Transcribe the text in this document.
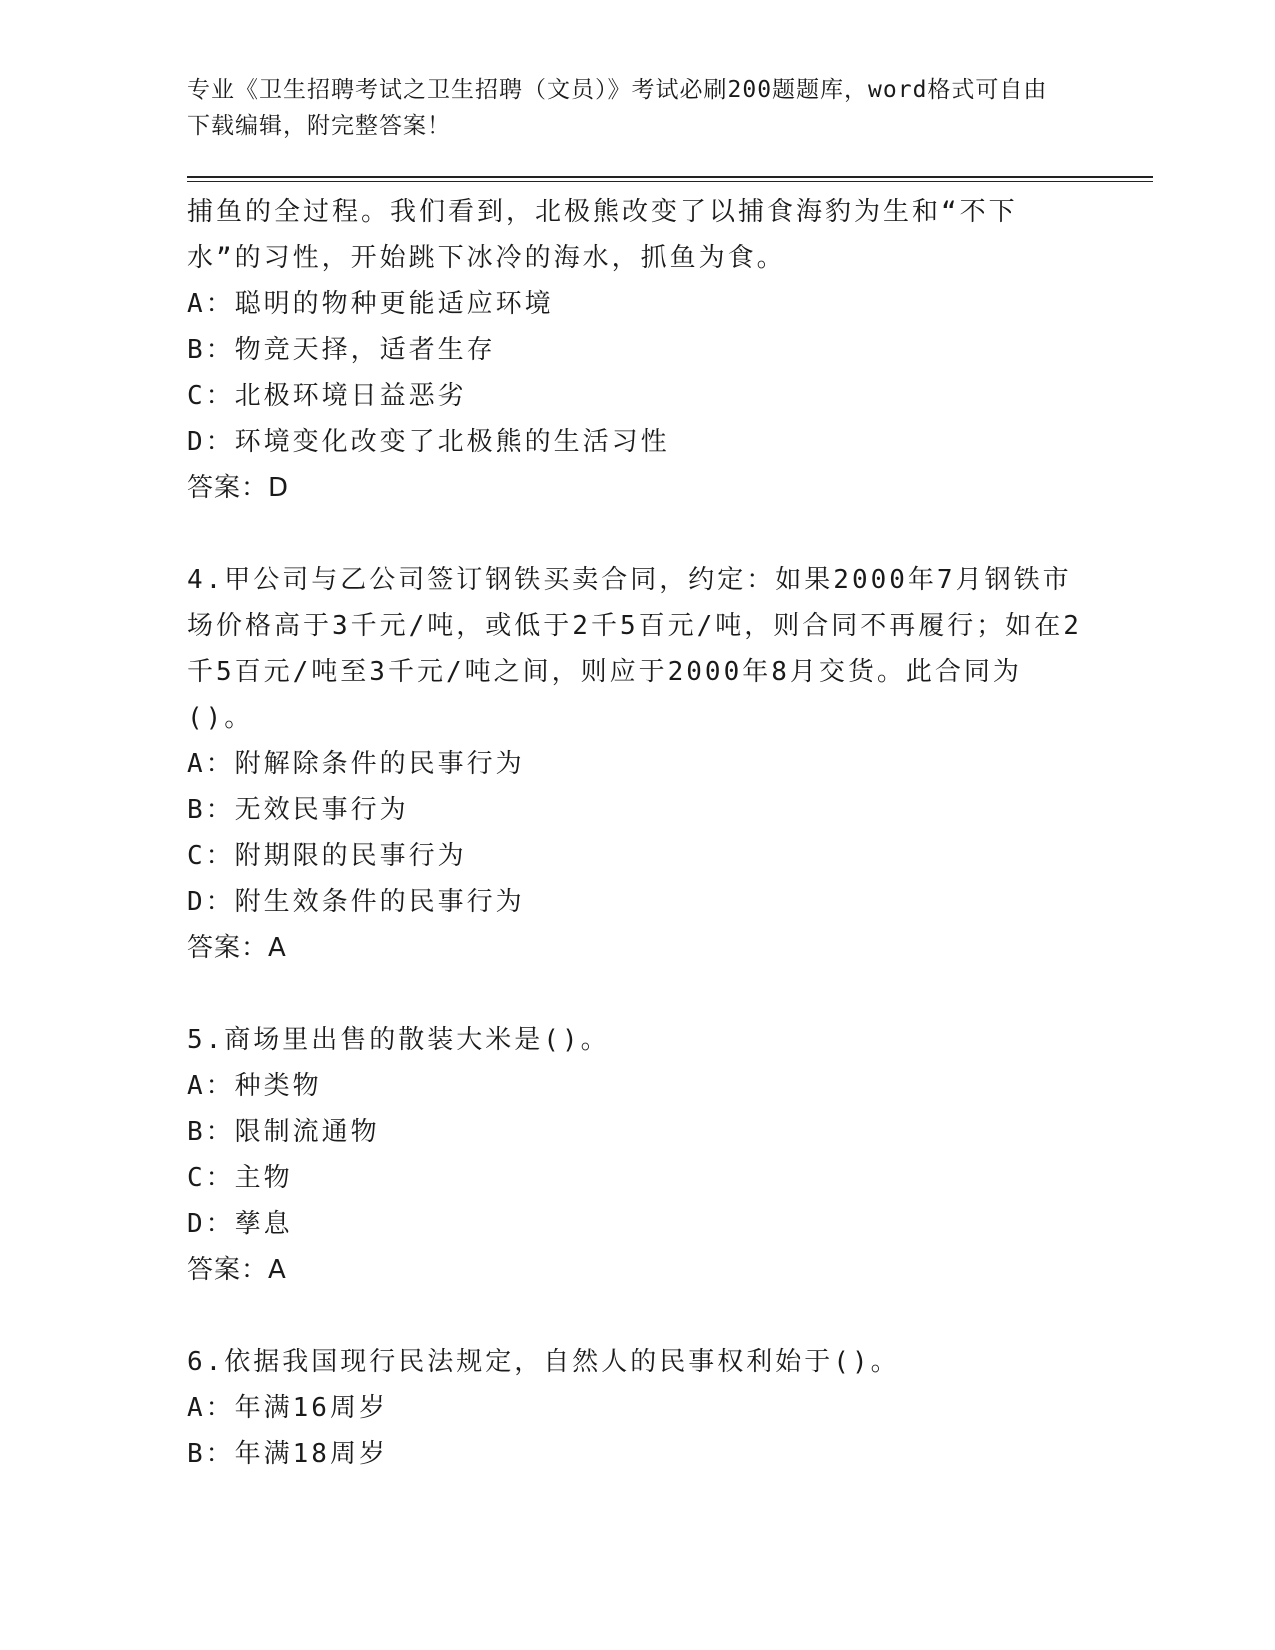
专业《卫生招聘考试之卫生招聘（文员）》考试必刷200题题库，word格式可自由下载编辑，附完整答案！
捕鱼的全过程。我们看到，北极熊改变了以捕食海豹为生和“不下水”的习性，开始跳下冰冷的海水，抓鱼为食。
A：聪明的物种更能适应环境
B：物竞天择，适者生存
C：北极环境日益恶劣
D：环境变化改变了北极熊的生活习性
答案：D
4.甲公司与乙公司签订钢铁买卖合同，约定：如果2000年7月钢铁市场价格高于3千元/吨，或低于2千5百元/吨，则合同不再履行；如在2千5百元/吨至3千元/吨之间，则应于2000年8月交货。此合同为()。
A：附解除条件的民事行为
B：无效民事行为
C：附期限的民事行为
D：附生效条件的民事行为
答案：A
5.商场里出售的散装大米是()。
A：种类物
B：限制流通物
C：主物
D：孳息
答案：A
6.依据我国现行民法规定，自然人的民事权利始于()。
A：年满16周岁
B：年满18周岁
